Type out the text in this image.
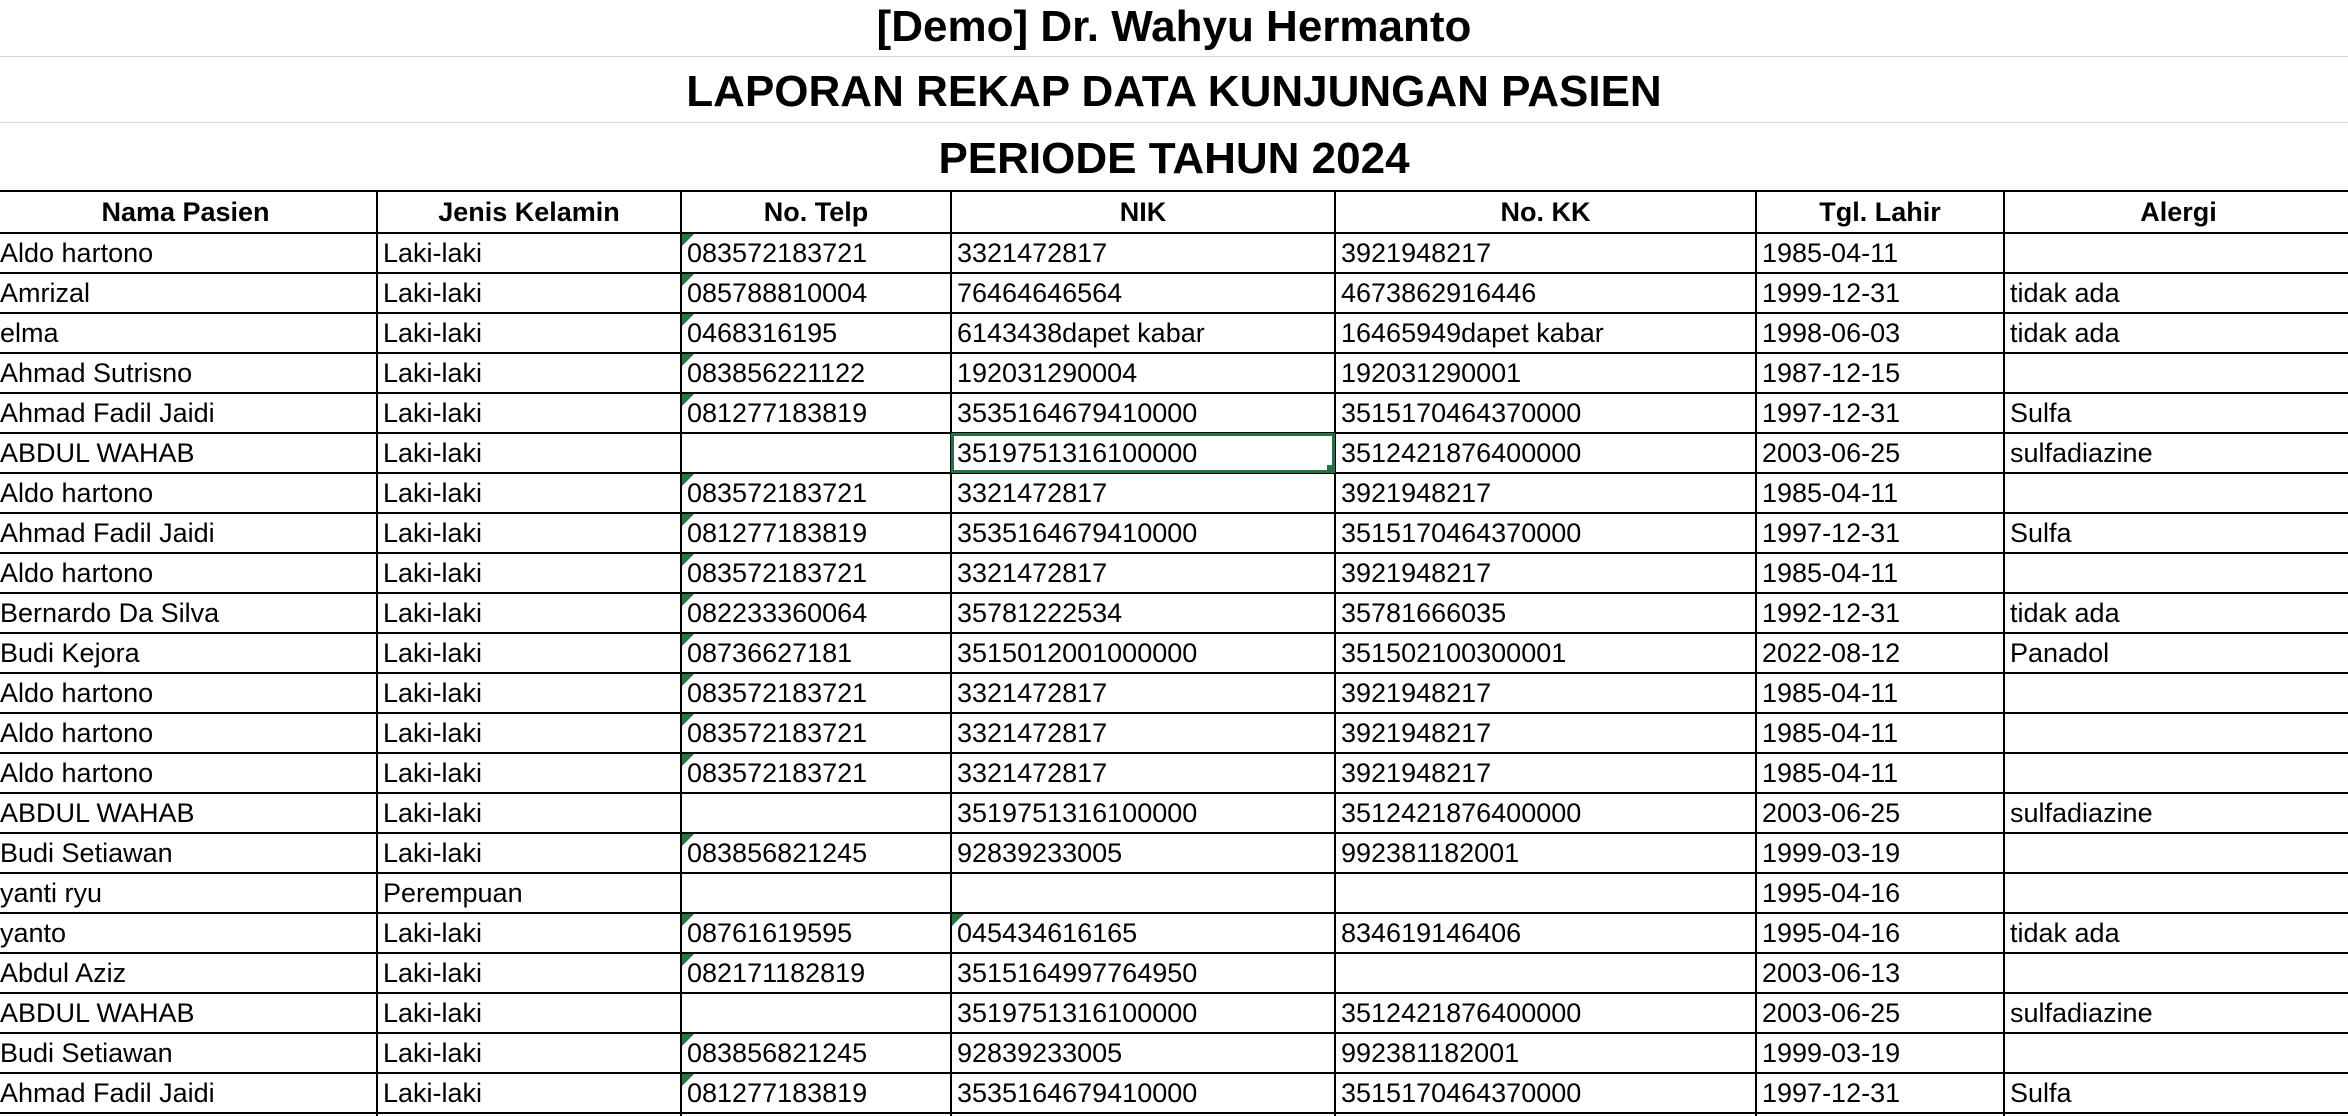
[Demo] Dr. Wahyu Hermanto
LAPORAN REKAP DATA KUNJUNGAN PASIEN
PERIODE TAHUN 2024
Nama Pasien	Jenis Kelamin	No. Telp	NIK	No. KK	Tgl. Lahir	Alergi
Aldo hartono	Laki-laki	083572183721	3321472817	3921948217	1985-04-11	
Amrizal	Laki-laki	085788810004	76464646564	4673862916446	1999-12-31	tidak ada
elma	Laki-laki	0468316195	6143438dapet kabar	16465949dapet kabar	1998-06-03	tidak ada
Ahmad Sutrisno	Laki-laki	083856221122	192031290004	192031290001	1987-12-15	
Ahmad Fadil Jaidi	Laki-laki	081277183819	3535164679410000	3515170464370000	1997-12-31	Sulfa
ABDUL WAHAB	Laki-laki		3519751316100000	3512421876400000	2003-06-25	sulfadiazine
Aldo hartono	Laki-laki	083572183721	3321472817	3921948217	1985-04-11	
Ahmad Fadil Jaidi	Laki-laki	081277183819	3535164679410000	3515170464370000	1997-12-31	Sulfa
Aldo hartono	Laki-laki	083572183721	3321472817	3921948217	1985-04-11	
Bernardo Da Silva	Laki-laki	082233360064	35781222534	35781666035	1992-12-31	tidak ada
Budi Kejora	Laki-laki	08736627181	3515012001000000	351502100300001	2022-08-12	Panadol
Aldo hartono	Laki-laki	083572183721	3321472817	3921948217	1985-04-11	
Aldo hartono	Laki-laki	083572183721	3321472817	3921948217	1985-04-11	
Aldo hartono	Laki-laki	083572183721	3321472817	3921948217	1985-04-11	
ABDUL WAHAB	Laki-laki		3519751316100000	3512421876400000	2003-06-25	sulfadiazine
Budi Setiawan	Laki-laki	083856821245	92839233005	992381182001	1999-03-19	
yanti ryu	Perempuan				1995-04-16	
yanto	Laki-laki	08761619595	045434616165	834619146406	1995-04-16	tidak ada
Abdul Aziz	Laki-laki	082171182819	3515164997764950		2003-06-13	
ABDUL WAHAB	Laki-laki		3519751316100000	3512421876400000	2003-06-25	sulfadiazine
Budi Setiawan	Laki-laki	083856821245	92839233005	992381182001	1999-03-19	
Ahmad Fadil Jaidi	Laki-laki	081277183819	3535164679410000	3515170464370000	1997-12-31	Sulfa
